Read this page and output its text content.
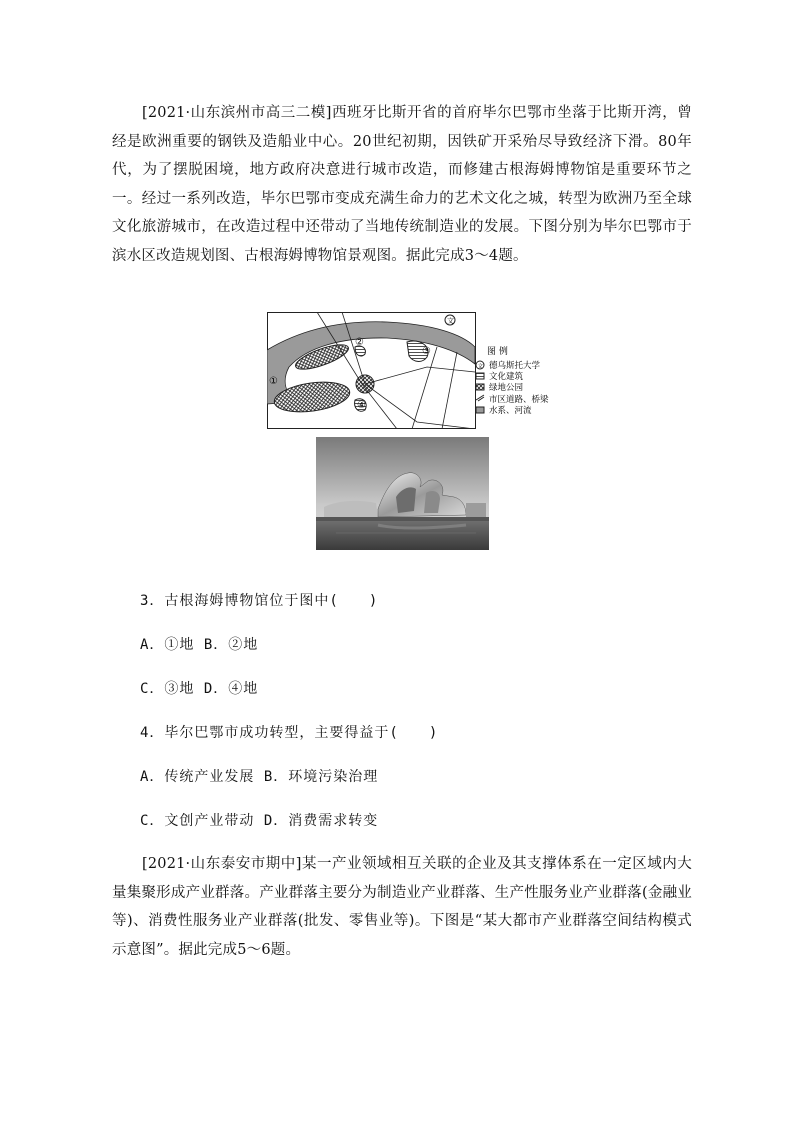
[2021·山东滨州市高三二模]西班牙比斯开省的首府毕尔巴鄂市坐落于比斯开湾，曾经是欧洲重要的钢铁及造船业中心。20世纪初期，因铁矿开采殆尽导致经济下滑。80年代，为了摆脱困境，地方政府决意进行城市改造，而修建古根海姆博物馆是重要环节之一。经过一系列改造，毕尔巴鄂市变成充满生命力的艺术文化之城，转型为欧洲乃至全球文化旅游城市，在改造过程中还带动了当地传统制造业的发展。下图分别为毕尔巴鄂市于滨水区改造规划图、古根海姆博物馆景观图。据此完成3～4题。

①
②
③
④
文
图 例
文 德乌斯托大学
文化建筑
绿地公园
市区道路、桥梁
水系、河流

3．古根海姆博物馆位于图中(　　)

A．①地 B．②地

C．③地 D．④地

4．毕尔巴鄂市成功转型，主要得益于(　　)

A．传统产业发展 B．环境污染治理

C．文创产业带动 D．消费需求转变

[2021·山东泰安市期中]某一产业领域相互关联的企业及其支撑体系在一定区域内大量集聚形成产业群落。产业群落主要分为制造业产业群落、生产性服务业产业群落(金融业等)、消费性服务业产业群落(批发、零售业等)。下图是“某大都市产业群落空间结构模式示意图”。据此完成5～6题。
